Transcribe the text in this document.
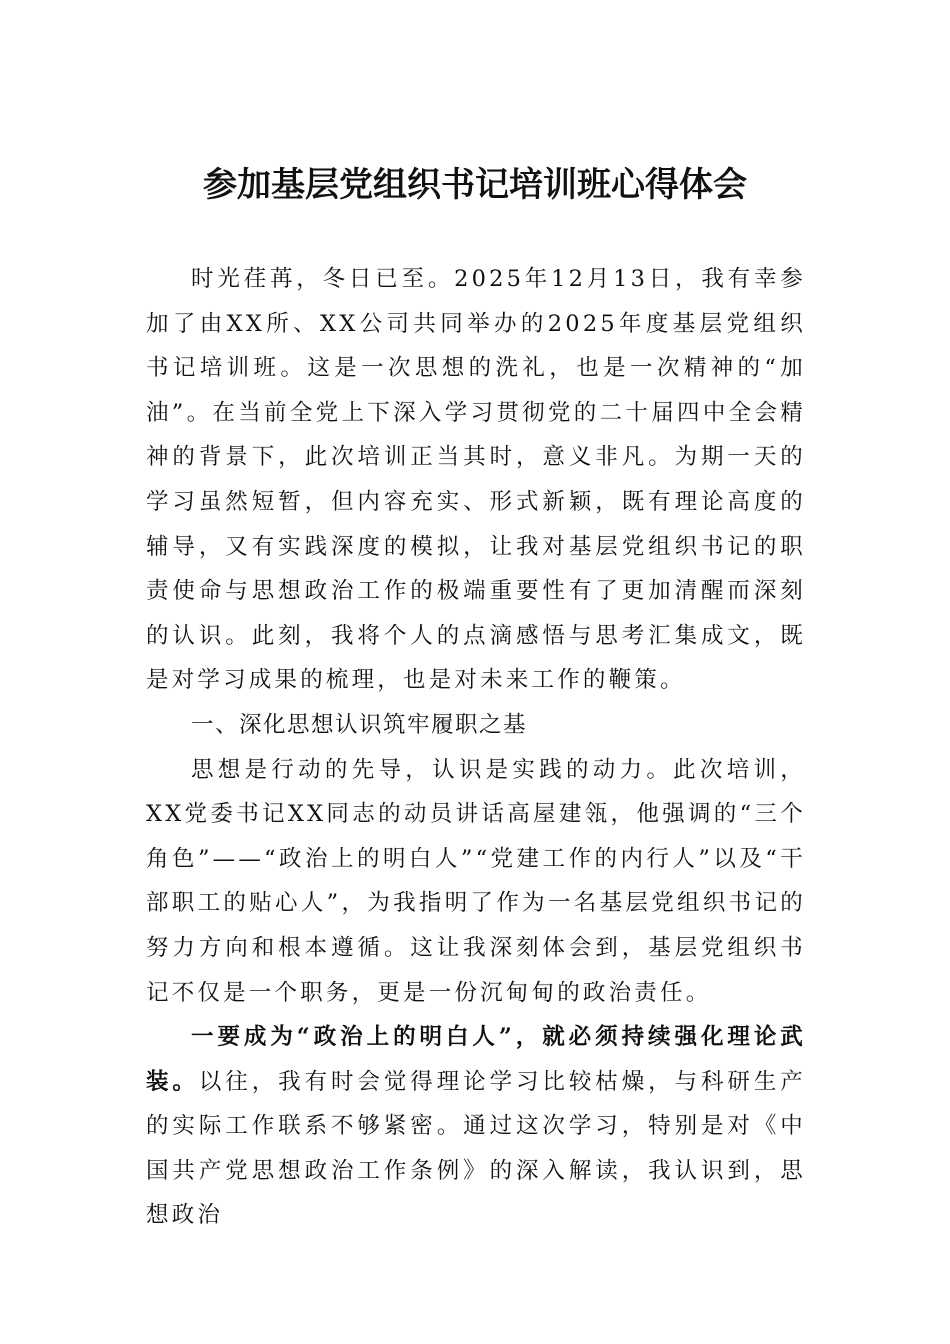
参加基层党组织书记培训班心得体会

时光荏苒，冬日已至。2025年12月13日，我有幸参加了由XX所、XX公司共同举办的2025年度基层党组织书记培训班。这是一次思想的洗礼，也是一次精神的“加油”。在当前全党上下深入学习贯彻党的二十届四中全会精神的背景下，此次培训正当其时，意义非凡。为期一天的学习虽然短暂，但内容充实、形式新颖，既有理论高度的辅导，又有实践深度的模拟，让我对基层党组织书记的职责使命与思想政治工作的极端重要性有了更加清醒而深刻的认识。此刻，我将个人的点滴感悟与思考汇集成文，既是对学习成果的梳理，也是对未来工作的鞭策。

一、深化思想认识筑牢履职之基

思想是行动的先导，认识是实践的动力。此次培训，XX党委书记XX同志的动员讲话高屋建瓴，他强调的“三个角色”——“政治上的明白人”“党建工作的内行人”以及“干部职工的贴心人”，为我指明了作为一名基层党组织书记的努力方向和根本遵循。这让我深刻体会到，基层党组织书记不仅是一个职务，更是一份沉甸甸的政治责任。

一要成为“政治上的明白人”，就必须持续强化理论武装。以往，我有时会觉得理论学习比较枯燥，与科研生产的实际工作联系不够紧密。通过这次学习，特别是对《中国共产党思想政治工作条例》的深入解读，我认识到，思想政治
